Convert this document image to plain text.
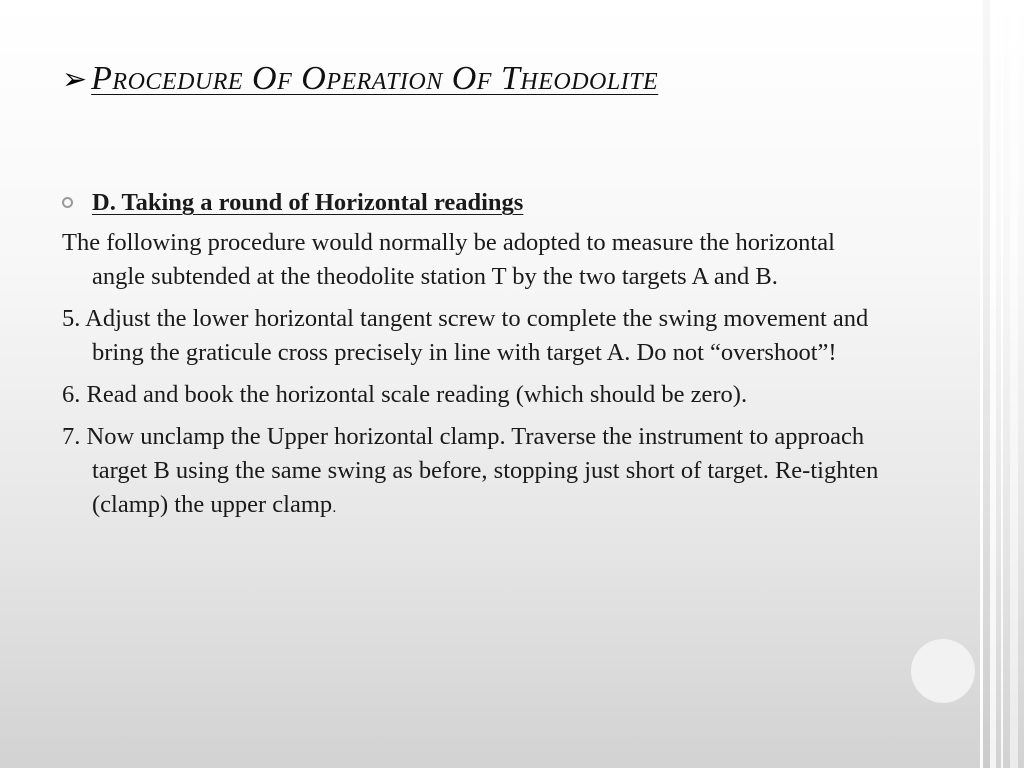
➢ Procedure Of Operation Of Theodolite
D. Taking a round of Horizontal readings
The following procedure would normally be adopted to measure the horizontal angle subtended at the theodolite station T by the two targets A and B.
5. Adjust the lower horizontal tangent screw to complete the swing movement and bring the graticule cross precisely in line with target A. Do not “overshoot”!
6. Read and book the horizontal scale reading (which should be zero).
7. Now unclamp the Upper horizontal clamp. Traverse the instrument to approach target B using the same swing as before, stopping just short of target. Re-tighten (clamp) the upper clamp.
